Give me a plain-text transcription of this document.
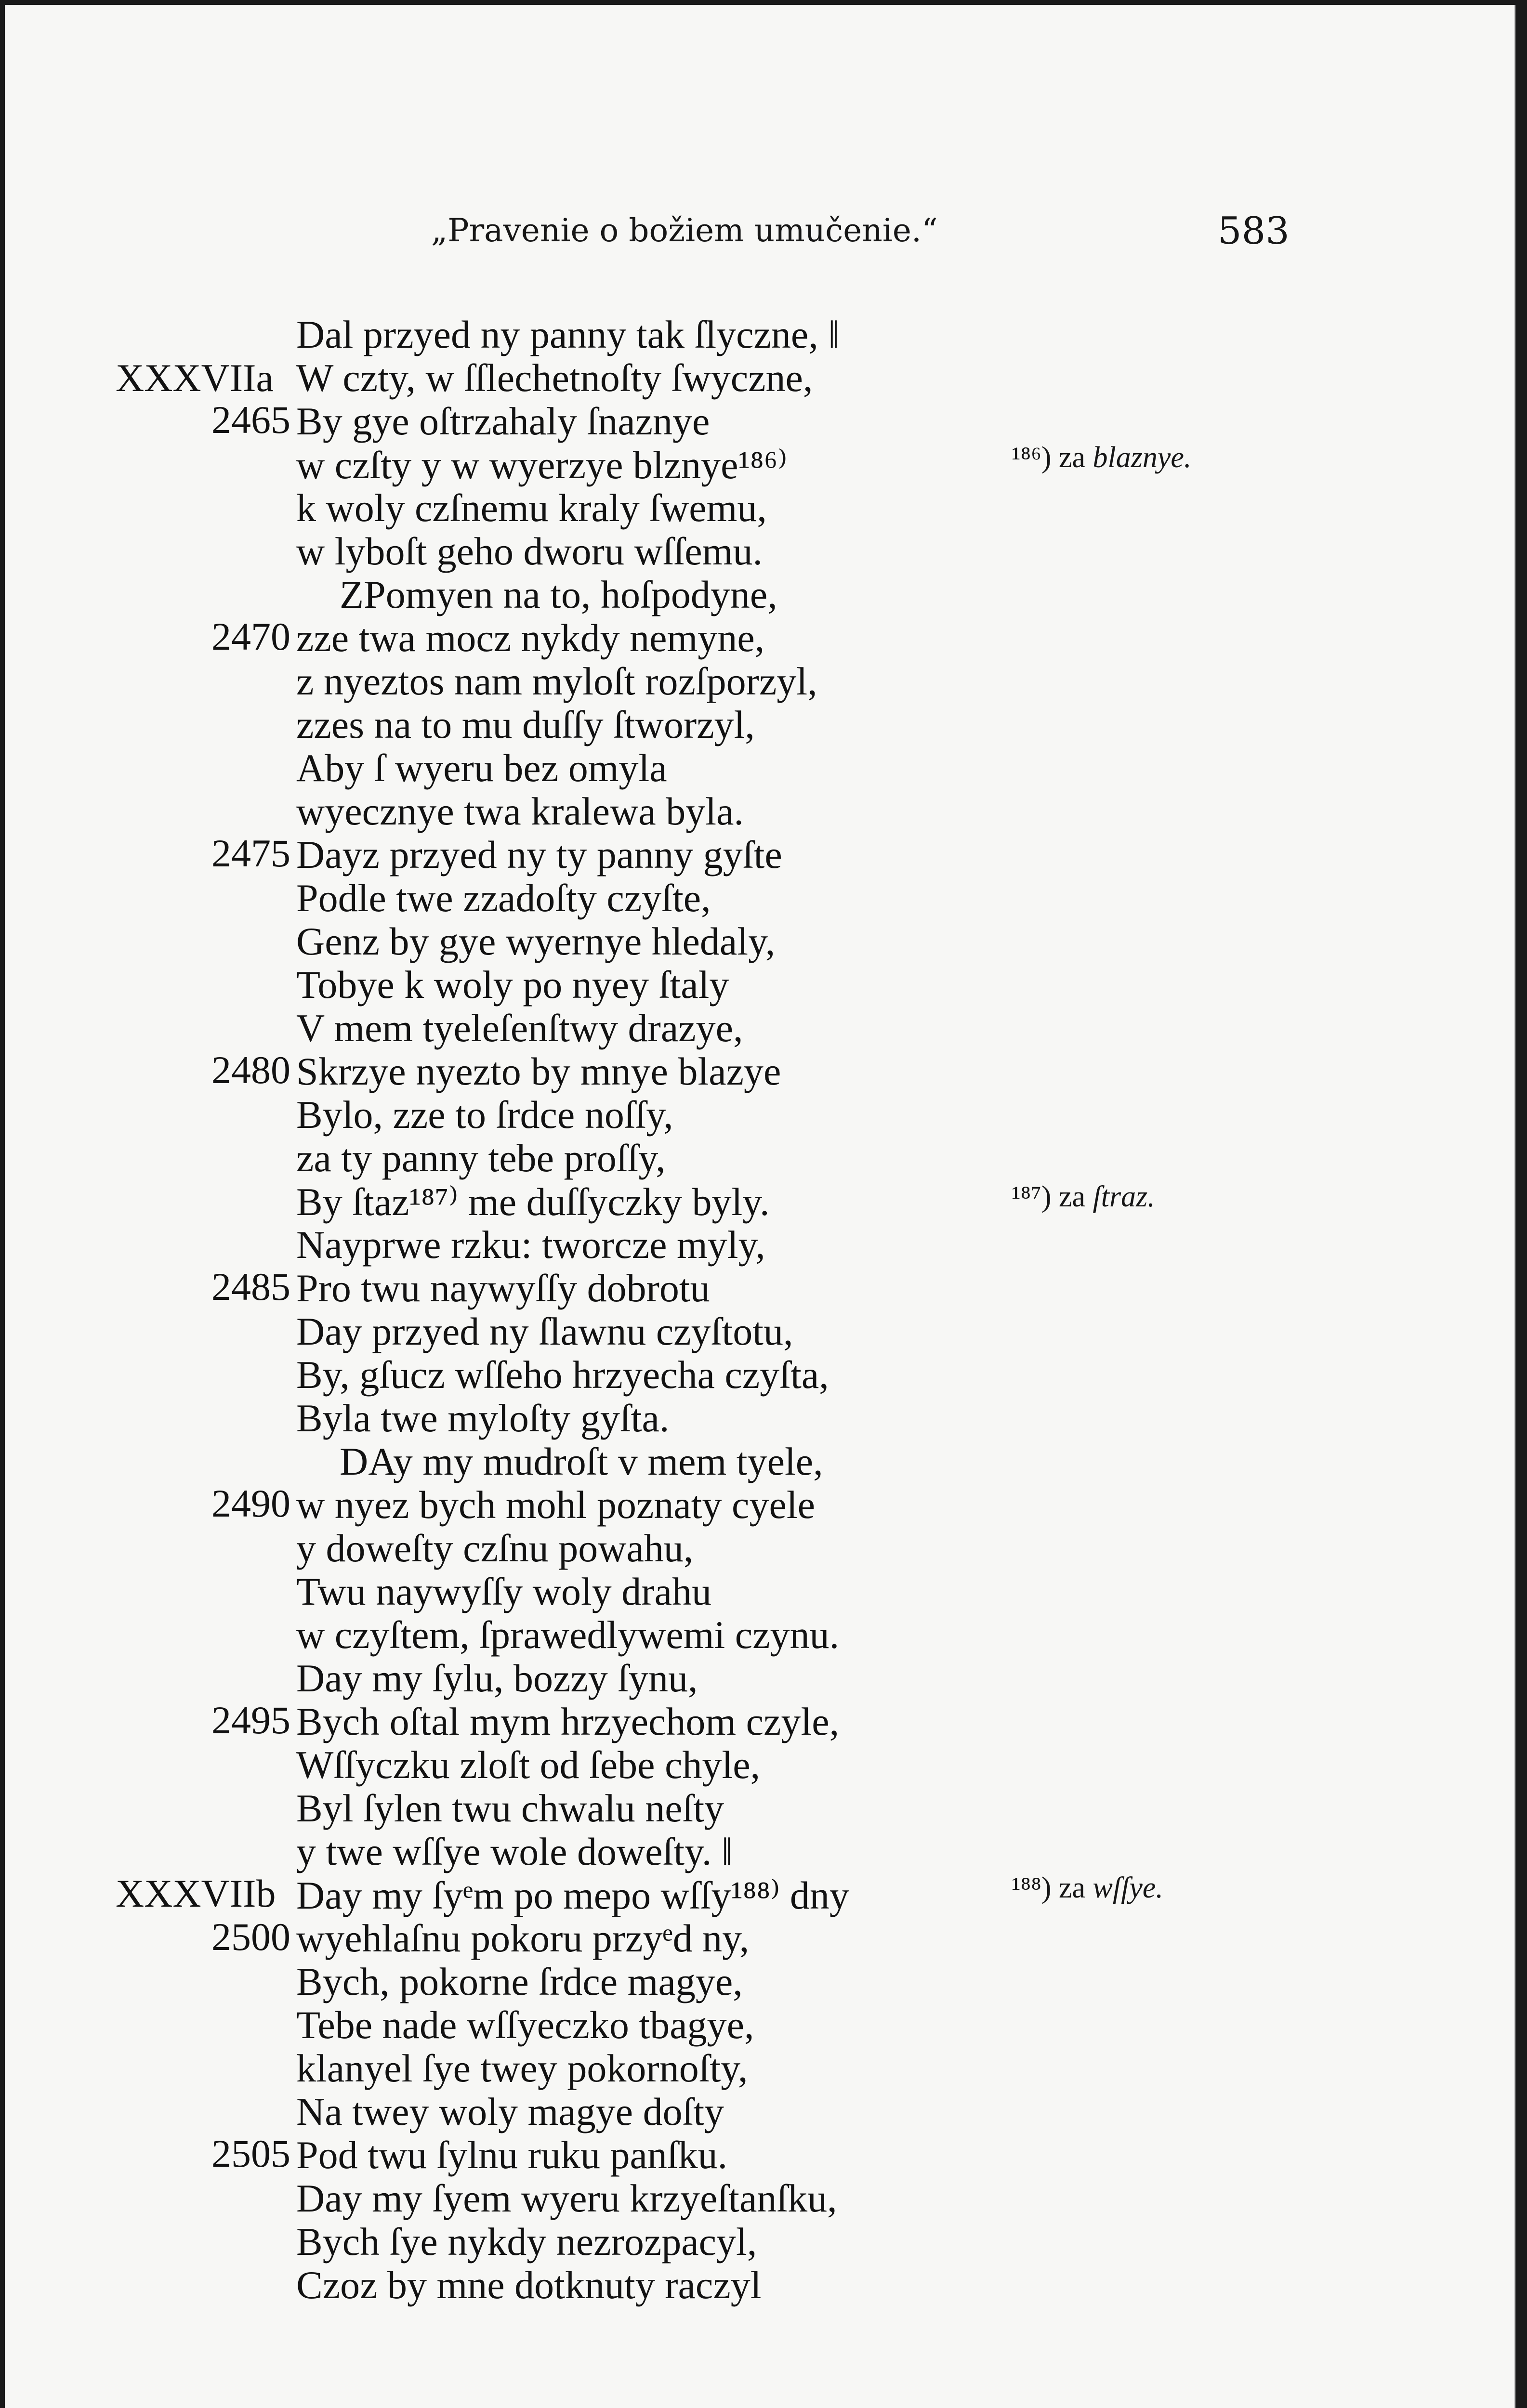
„Pravenie o božiem umučenie.“	583
XXXVIIa
XXXVIIb
2465
2470
2475
2480
2485
2490
2495
2500
2505
Dal przyed ny panny tak ſlyczne, ‖
W czty, w ſſlechetnoſty ſwyczne,
By gye oſtrzahaly ſnaznye
w czſty y w wyerzye blznye¹⁸⁶⁾
k woly czſnemu kraly ſwemu,
w lyboſt geho dworu wſſemu.
ZPomyen na to, hoſpodyne,
zze twa mocz nykdy nemyne,
z nyeztos nam myloſt rozſporzyl,
zzes na to mu duſſy ſtworzyl,
Aby ſ wyeru bez omyla
wyecznye twa kralewa byla.
Dayz przyed ny ty panny gyſte
Podle twe zzadoſty czyſte,
Genz by gye wyernye hledaly,
Tobye k woly po nyey ſtaly
V mem tyeleſenſtwy drazye,
Skrzye nyezto by mnye blazye
Bylo, zze to ſrdce noſſy,
za ty panny tebe proſſy,
By ſtaz¹⁸⁷⁾ me duſſyczky byly.
Nayprwe rzku: tworcze myly,
Pro twu naywyſſy dobrotu
Day przyed ny ſlawnu czyſtotu,
By, gſucz wſſeho hrzyecha czyſta,
Byla twe myloſty gyſta.
DAy my mudroſt v mem tyele,
w nyez bych mohl poznaty cyele
y doweſty czſnu powahu,
Twu naywyſſy woly drahu
w czyſtem, ſprawedlywemi czynu.
Day my ſylu, bozzy ſynu,
Bych oſtal mym hrzyechom czyle,
Wſſyczku zloſt od ſebe chyle,
Byl ſylen twu chwalu neſty
y twe wſſye wole doweſty. ‖
Day my ſyᵉm po mepo wſſy¹⁸⁸⁾ dny
wyehlaſnu pokoru przyᵉd ny,
Bych, pokorne ſrdce magye,
Tebe nade wſſyeczko tbagye,
klanyel ſye twey pokornoſty,
Na twey woly magye doſty
Pod twu ſylnu ruku panſku.
Day my ſyem wyeru krzyeſtanſku,
Bych ſye nykdy nezrozpacyl,
Czoz by mne dotknuty raczyl
¹⁸⁶) za blaznye.
¹⁸⁷) za ſtraz.
¹⁸⁸) za wſſye.
